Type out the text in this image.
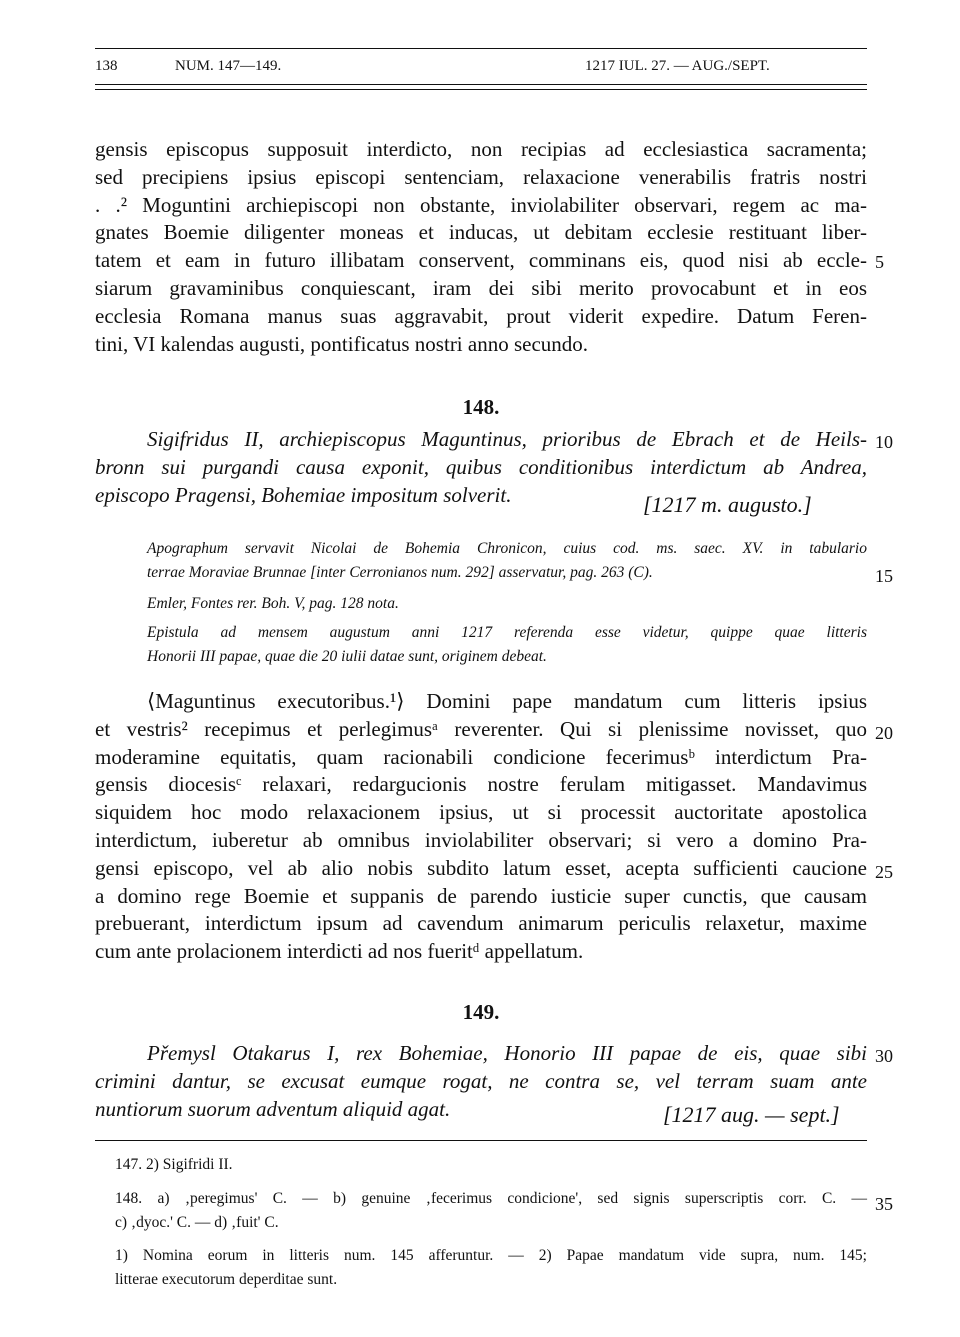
138	NUM. 147—149.	1217 IUL. 27. — AUG./SEPT.
gensis episcopus supposuit interdicto, non recipias ad ecclesiastica sacramenta;
sed precipiens ipsius episcopi sentenciam, relaxacione venerabilis fratris nostri
. .² Moguntini archiepiscopi non obstante, inviolabiliter observari, regem ac ma-
gnates Boemie diligenter moneas et inducas, ut debitam ecclesie restituant liber-
tatem et eam in futuro illibatam conservent, comminans eis, quod nisi ab eccle-
siarum gravaminibus conquiescant, iram dei sibi merito provocabunt et in eos
ecclesia Romana manus suas aggravabit, prout viderit expedire. Datum Feren-
tini, VI kalendas augusti, pontificatus nostri anno secundo.
148.
Sigifridus II, archiepiscopus Maguntinus, prioribus de Ebrach et de Heils-
bronn sui purgandi causa exponit, quibus conditionibus interdictum ab Andrea,
episcopo Pragensi, Bohemiae impositum solverit.	[1217 m. augusto.]
Apographum servavit Nicolai de Bohemia Chronicon, cuius cod. ms. saec. XV. in tabulario
terrae Moraviae Brunnae [inter Cerronianos num. 292] asservatur, pag. 263 (C).
Emler, Fontes rer. Boh. V, pag. 128 nota.
Epistula ad mensem augustum anni 1217 referenda esse videtur, quippe quae litteris
Honorii III papae, quae die 20 iulii datae sunt, originem debeat.
⟨Maguntinus executoribus.¹⟩ Domini pape mandatum cum litteris ipsius
et vestris² recepimus et perlegimusᵃ reverenter. Qui si plenissime novisset, quo
moderamine equitatis, quam racionabili condicione fecerimusᵇ interdictum Pra-
gensis diocesisᶜ relaxari, redargucionis nostre ferulam mitigasset. Mandavimus
siquidem hoc modo relaxacionem ipsius, ut si processit auctoritate apostolica
interdictum, iuberetur ab omnibus inviolabiliter observari; si vero a domino Pra-
gensi episcopo, vel ab alio nobis subdito latum esset, acepta sufficienti caucione
a domino rege Boemie et suppanis de parendo iusticie super cunctis, que causam
prebuerant, interdictum ipsum ad cavendum animarum periculis relaxetur, maxime
cum ante prolacionem interdicti ad nos fueritᵈ appellatum.
149.
Přemysl Otakarus I, rex Bohemiae, Honorio III papae de eis, quae sibi
crimini dantur, se excusat eumque rogat, ne contra se, vel terram suam ante
nuntiorum suorum adventum aliquid agat.	[1217 aug. — sept.]
147. 2) Sigifridi II.
148. a) ‚peregimus' C. — b) genuine ‚fecerimus condicione', sed signis superscriptis corr. C. —
c) ‚dyoc.' C. — d) ‚fuit' C.
1) Nomina eorum in litteris num. 145 afferuntur. — 2) Papae mandatum vide supra, num. 145;
litterae executorum deperditae sunt.
5
10
15
20
25
30
35
